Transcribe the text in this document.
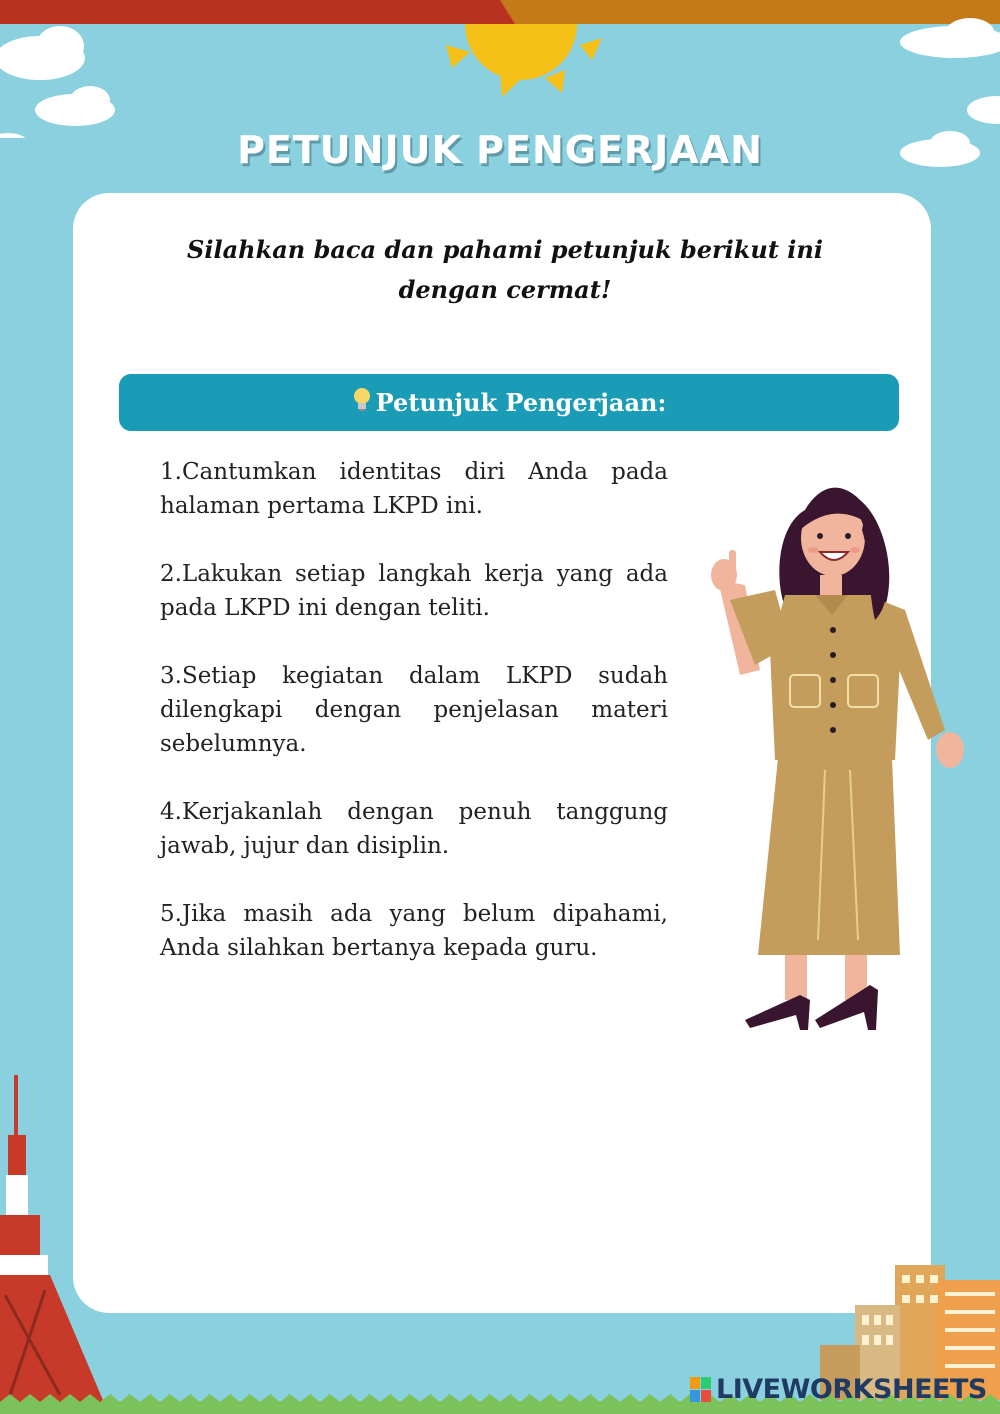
PETUNJUK PENGERJAAN
Silahkan baca dan pahami petunjuk berikut ini dengan cermat!
Petunjuk Pengerjaan:

1.Cantumkan identitas diri Anda pada halaman pertama LKPD ini.

2.Lakukan setiap langkah kerja yang ada pada LKPD ini dengan teliti.

3.Setiap kegiatan dalam LKPD sudah dilengkapi dengan penjelasan materi sebelumnya.

4.Kerjakanlah dengan penuh tanggung jawab, jujur dan disiplin.

5.Jika masih ada yang belum dipahami, Anda silahkan bertanya kepada guru.

LIVEWORKSHEETS
